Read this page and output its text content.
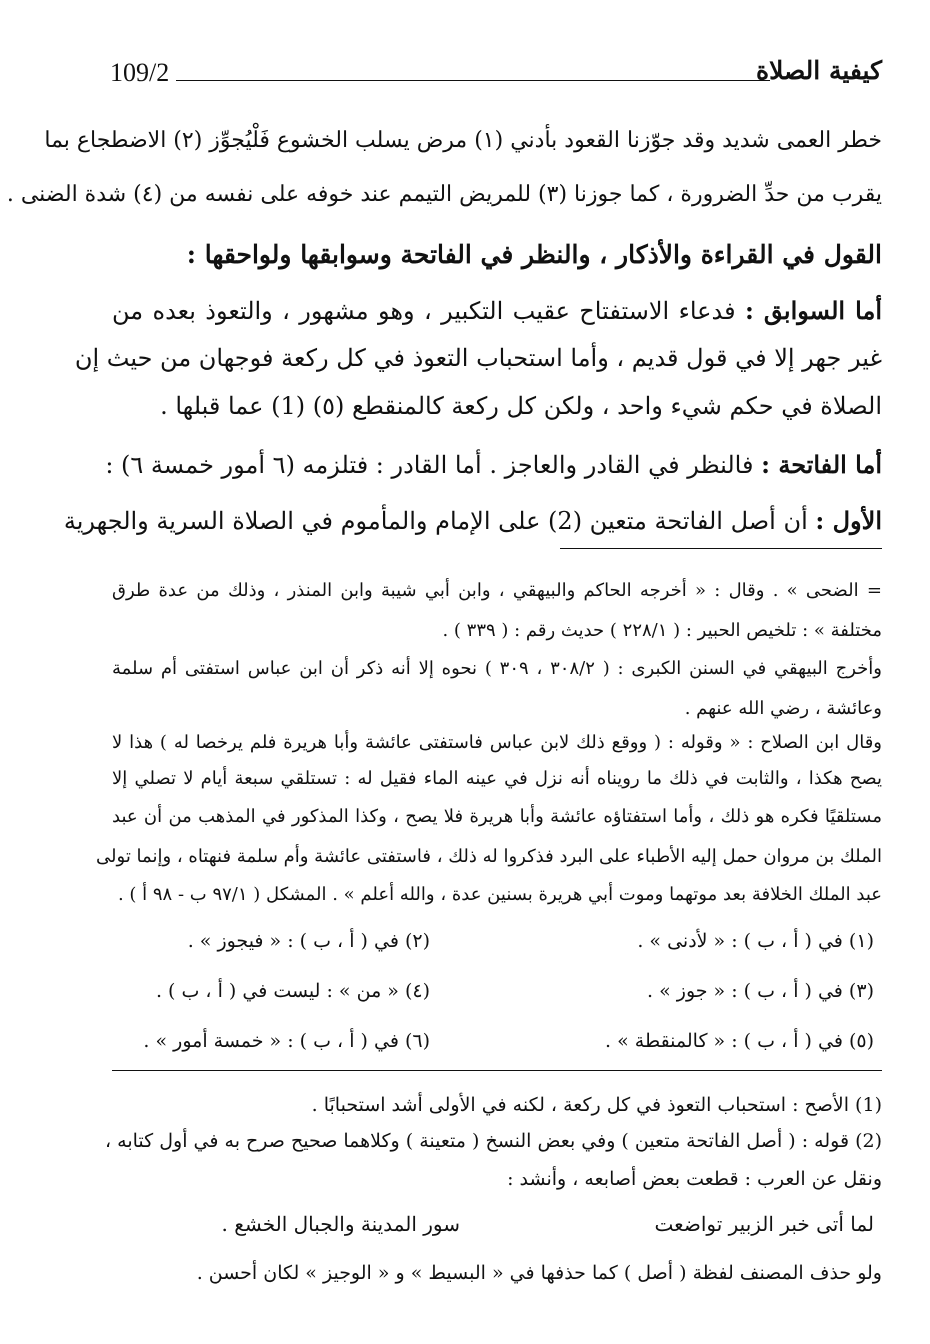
109/2	كيفية الصلاة
خطر العمى شديد وقد جوّزنا القعود بأدني (١) مرض يسلب الخشوع فَلْيُجوِّز (٢) الاضطجاع بما
يقرب من حدِّ الضرورة ، كما جوزنا (٣) للمريض التيمم عند خوفه على نفسه من (٤) شدة الضنى .
القول في القراءة والأذكار ، والنظر في الفاتحة وسوابقها ولواحقها :
أما السوابق : فدعاء الاستفتاح عقيب التكبير ، وهو مشهور ، والتعوذ بعده من
غير جهر إلا في قول قديم ، وأما استحباب التعوذ في كل ركعة فوجهان من حيث إن
الصلاة في حكم شيء واحد ، ولكن كل ركعة كالمنقطع (٥) (1) عما قبلها .
أما الفاتحة : فالنظر في القادر والعاجز . أما القادر : فتلزمه (٦ أمور خمسة ٦) :
الأول : أن أصل الفاتحة متعين (2) على الإمام والمأموم في الصلاة السرية والجهرية
= الضحى » . وقال : « أخرجه الحاكم والبيهقي ، وابن أبي شيبة وابن المنذر ، وذلك من عدة طرق
مختلفة » : تلخيص الحبير : ( ٢٢٨/١ ) حديث رقم : ( ٣٣٩ ) .
وأخرج البيهقي في السنن الكبرى : ( ٣٠٨/٢ ، ٣٠٩ ) نحوه إلا أنه ذكر أن ابن عباس استفتى أم سلمة
وعائشة ، رضي الله عنهم .
وقال ابن الصلاح : « وقوله : ( ووقع ذلك لابن عباس فاستفتى عائشة وأبا هريرة فلم يرخصا له ) هذا لا
يصح هكذا ، والثابت في ذلك ما رويناه أنه نزل في عينه الماء فقيل له : تستلقي سبعة أيام لا تصلي إلا
مستلقيًا فكره هو ذلك ، وأما استفتاؤه عائشة وأبا هريرة فلا يصح ، وكذا المذكور في المذهب من أن عبد
الملك بن مروان حمل إليه الأطباء على البرد فذكروا له ذلك ، فاستفتى عائشة وأم سلمة فنهتاه ، وإنما تولى
عبد الملك الخلافة بعد موتهما وموت أبي هريرة بسنين عدة ، والله أعلم » . المشكل ( ٩٧/١ ب - ٩٨ أ ) .
(١) في ( أ ، ب ) : « لأدنى » .
(٢) في ( أ ، ب ) : « فيجوز » .
(٣) في ( أ ، ب ) : « جوز » .
(٤) « من » : ليست في ( أ ، ب ) .
(٥) في ( أ ، ب ) : « كالمنقطة » .
(٦) في ( أ ، ب ) : « خمسة أمور » .
(1) الأصح : استحباب التعوذ في كل ركعة ، لكنه في الأولى أشد استحبابًا .
(2) قوله : ( أصل الفاتحة متعين ) وفي بعض النسخ ( متعينة ) وكلاهما صحيح صرح به في أول كتابه ،
ونقل عن العرب : قطعت بعض أصابعه ، وأنشد :
لما أتى خبر الزبير تواضعت
سور المدينة والجبال الخشع .
ولو حذف المصنف لفظة ( أصل ) كما حذفها في « البسيط » و « الوجيز » لكان أحسن .
